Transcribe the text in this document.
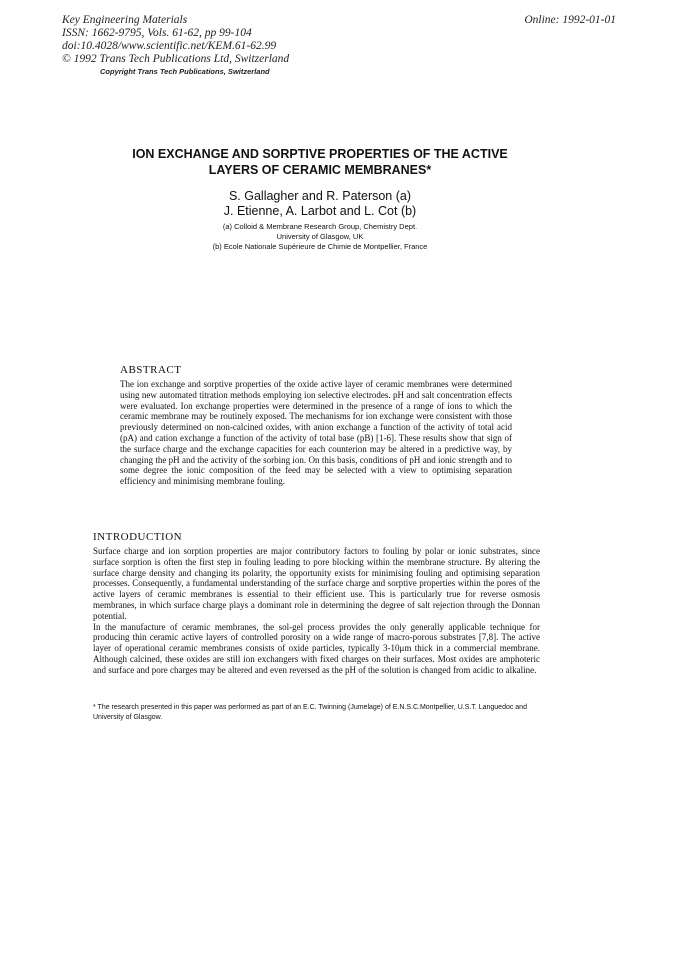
Key Engineering Materials
ISSN: 1662-9795, Vols. 61-62, pp 99-104
doi:10.4028/www.scientific.net/KEM.61-62.99
© 1992 Trans Tech Publications Ltd, Switzerland
Copyright Trans Tech Publications, Switzerland
Online: 1992-01-01
ION EXCHANGE AND SORPTIVE PROPERTIES OF THE ACTIVE
LAYERS OF CERAMIC MEMBRANES*
S. Gallagher and R. Paterson (a)
J. Etienne, A. Larbot and L. Cot (b)
(a) Colloid & Membrane Research Group, Chemistry Dept.
University of Glasgow, UK
(b) Ecole Nationale Supérieure de Chimie de Montpellier, France
ABSTRACT
The ion exchange and sorptive properties of the oxide active layer of ceramic membranes were determined using new automated titration methods employing ion selective electrodes. pH and salt concentration effects were evaluated. Ion exchange properties were determined in the presence of a range of ions to which the ceramic membrane may be routinely exposed. The mechanisms for ion exchange were consistent with those previously determined on non-calcined oxides, with anion exchange a function of the activity of total acid (pA) and cation exchange a function of the activity of total base (pB) [1-6]. These results show that sign of the surface charge and the exchange capacities for each counterion may be altered in a predictive way, by changing the pH and the activity of the sorbing ion. On this basis, conditions of pH and ionic strength and to some degree the ionic composition of the feed may be selected with a view to optimising separation efficiency and minimising membrane fouling.
INTRODUCTION

Surface charge and ion sorption properties are major contributory factors to fouling by polar or ionic substrates, since surface sorption is often the first step in fouling leading to pore blocking within the membrane structure. By altering the surface charge density and changing its polarity, the opportunity exists for minimising fouling and optimising separation processes. Consequently, a fundamental understanding of the surface charge and sorptive properties within the pores of the active layers of ceramic membranes is essential to their efficient use. This is particularly true for reverse osmosis membranes, in which surface charge plays a dominant role in determining the degree of salt rejection through the Donnan potential.

In the manufacture of ceramic membranes, the sol-gel process provides the only generally applicable technique for producing thin ceramic active layers of controlled porosity on a wide range of macro-porous substrates [7,8]. The active layer of operational ceramic membranes consists of oxide particles, typically 3-10μm thick in a commercial membrane. Although calcined, these oxides are still ion exchangers with fixed charges on their surfaces. Most oxides are amphoteric and surface and pore charges may be altered and even reversed as the pH of the solution is changed from acidic to alkaline.

* The research presented in this paper was performed as part of an E.C. Twinning (Jumelage) of E.N.S.C.Montpellier, U.S.T. Languedoc and University of Glasgow.
